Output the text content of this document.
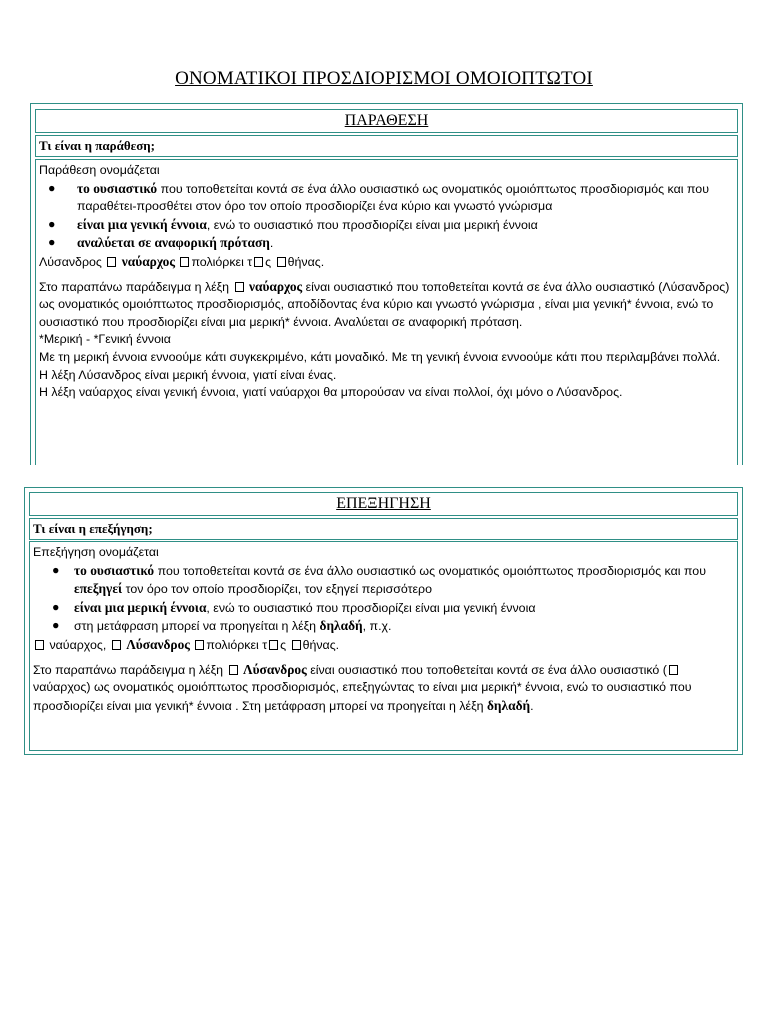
ΟΝΟΜΑΤΙΚΟΙ ΠΡΟΣΔΙΟΡΙΣΜΟΙ ΟΜΟΙΟΠΤΩΤΟΙ
ΠΑΡΑΘΕΣΗ
Τι είναι η παράθεση;

Παράθεση ονομάζεται

● το ουσιαστικό που τοποθετείται κοντά σε ένα άλλο ουσιαστικό ως ονοματικός ομοιόπτωτος προσδιορισμός και που παραθέτει-προσθέτει στον όρο τον οποίο προσδιορίζει ένα κύριο και γνωστό γνώρισμα
● είναι μια γενική έννοια, ενώ το ουσιαστικό που προσδιορίζει είναι μια μερική έννοια
● αναλύεται σε αναφορική πρόταση.

Λύσανδρος ναύαρχος πολιόρκει τ ς θήνας.

Στο παραπάνω παράδειγμα η λέξη ναύαρχος είναι ουσιαστικό που τοποθετείται κοντά σε ένα άλλο ουσιαστικό (Λύσανδρος) ως ονοματικός ομοιόπτωτος προσδιορισμός, αποδίδοντας ένα κύριο και γνωστό γνώρισμα , είναι μια γενική* έννοια, ενώ το ουσιαστικό που προσδιορίζει είναι μια μερική* έννοια. Αναλύεται σε αναφορική πρόταση.

*Μερική - *Γενική έννοια

Με τη μερική έννοια εννοούμε κάτι συγκεκριμένο, κάτι μοναδικό. Με τη γενική έννοια εννοούμε κάτι που περιλαμβάνει πολλά.

Η λέξη Λύσανδρος είναι μερική έννοια, γιατί είναι ένας.

Η λέξη ναύαρχος είναι γενική έννοια, γιατί ναύαρχοι θα μπορούσαν να είναι πολλοί, όχι μόνο ο Λύσανδρος.

ΕΠΕΞΗΓΗΣΗ
Τι είναι η επεξήγηση;

Επεξήγηση ονομάζεται

● το ουσιαστικό που τοποθετείται κοντά σε ένα άλλο ουσιαστικό ως ονοματικός ομοιόπτωτος προσδιορισμός και που επεξηγεί τον όρο τον οποίο προσδιορίζει, τον εξηγεί περισσότερο
● είναι μια μερική έννοια, ενώ το ουσιαστικό που προσδιορίζει είναι μια γενική έννοια
● στη μετάφραση μπορεί να προηγείται η λέξη δηλαδή, π.χ.

ναύαρχος, Λύσανδρος πολιόρκει τ ς θήνας.

Στο παραπάνω παράδειγμα η λέξη Λύσανδρος είναι ουσιαστικό που τοποθετείται κοντά σε ένα άλλο ουσιαστικό ( ναύαρχος) ως ονοματικός ομοιόπτωτος προσδιορισμός, επεξηγώντας το είναι μια μερική* έννοια, ενώ το ουσιαστικό που προσδιορίζει είναι μια γενική* έννοια . Στη μετάφραση μπορεί να προηγείται η λέξη δηλαδή.
